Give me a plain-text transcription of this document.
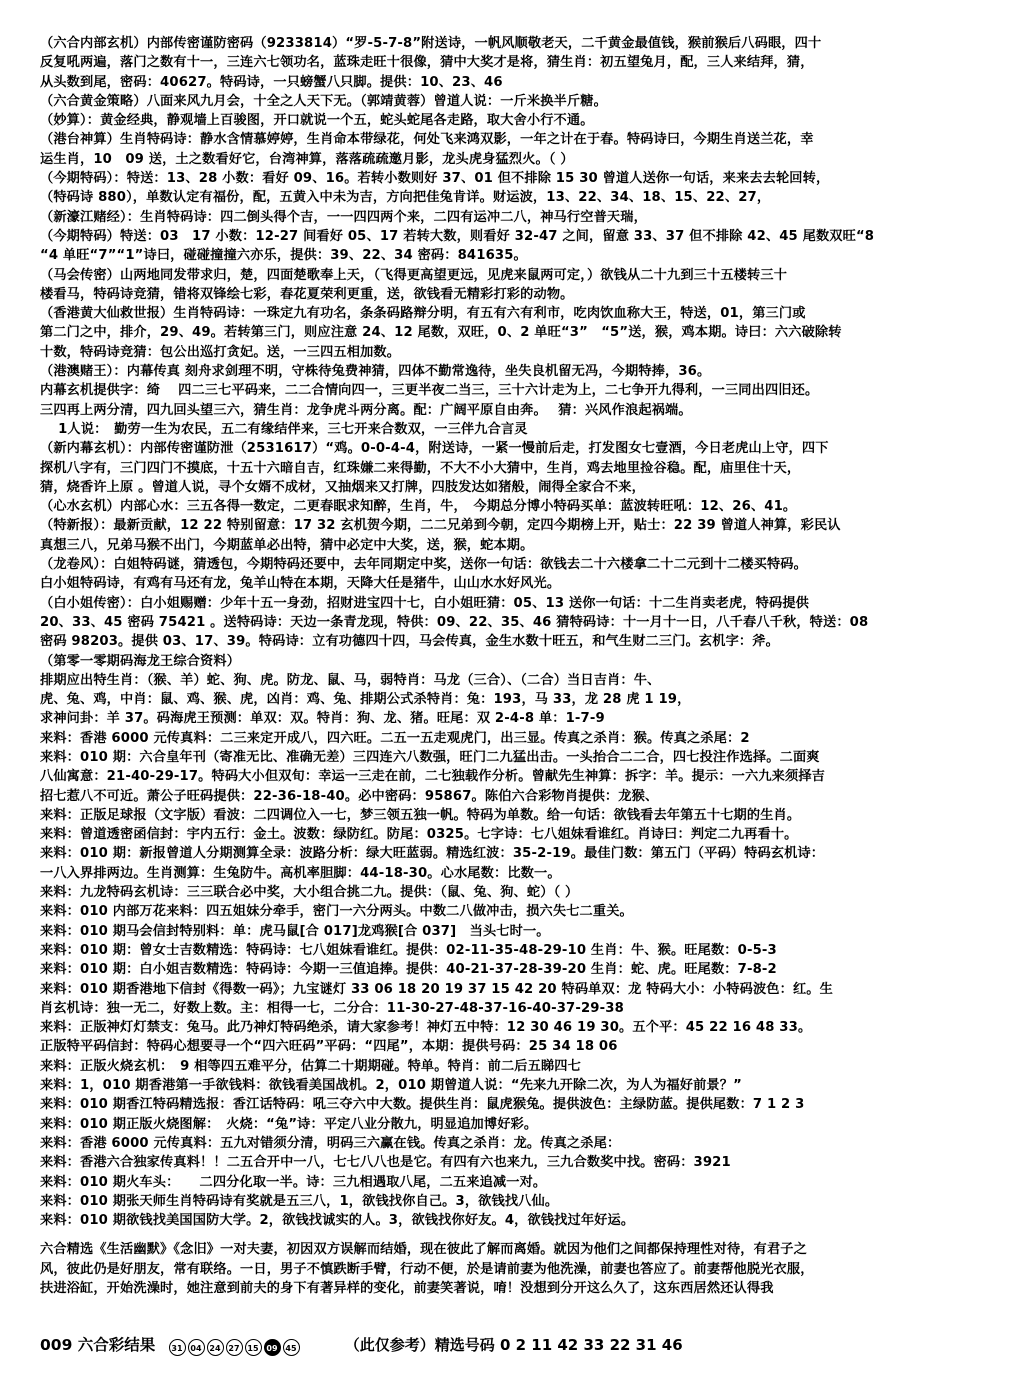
（六合内部玄机）内部传密谨防密码（9233814）“罗-5-7-8”附送诗，一帆风顺敬老天，二千黄金最值钱，猴前猴后八码眼，四十
反复吼两遍，落门之数有十一，三连六七领功名，蓝珠走旺十很像，猜中大奖才是将，猜生肖：初五望兔月，配，三人来结拜，猜，
从头数到尾，密码：40627。特码诗，一只螃蟹八只脚。提供：10、23、46
（六合黄金策略）八面来风九月会，十全之人天下无。（郭靖黄蓉）曾道人说：一斤米换半斤糖。
（妙算）：黄金经典，静观墙上百骏图，开口就说一个五，蛇头蛇尾各走路，取大舍小行不通。
（港台神算）生肖特码诗：静水含情慕婷婷，生肖命本带绿花，何处飞来鸿双影，一年之计在于春。特码诗曰，今期生肖送兰花，幸
运生肖，10　09 送，土之数看好它，台湾神算，落落疏疏邀月影，龙头虎身猛烈火。（ ）
（今期特码）：特送：13、28 小数：看好 09、16。若转小数则好 37、01 但不排除 15 30 曾道人送你一句话，来来去去轮回转，
（特码诗 880），单数认定有福份，配，五黄入中未为吉，方向把佳兔肯详。财运波，13、22、34、18、15、22、27，
（新濠江赌经）：生肖特码诗：四二倒头得个吉，一一四四两个来，二四有运冲二八，神马行空普天瑞，
（今期特码）特送：03　17 小数：12-27 间看好 05、17 若转大数，则看好 32-47 之间，留意 33、37 但不排除 42、45 尾数双旺“8
“4 单旺“7”“1”诗曰，碰碰撞撞六亦乐，提供：39、22、34 密码：841635。
（马会传密）山两地同发带求归，楚，四面楚歌奉上天，（飞得更高望更远，见虎来鼠两可定，）欲钱从二十九到三十五楼转三十
楼看马，特码诗竞猜，错将双锋绘七彩，春花夏荣利更重，送，欲钱看无精彩打彩的动物。
（香港黄大仙救世报）生肖特码诗：一珠定九有功名，条条码路辩分明，有五有六有利市，吃肉饮血称大王，特送，01，第三门或
第二门之中，排介，29、49。若转第三门，则应注意 24、12 尾数，双旺，0、2 单旺“3”　“5”送，猴，鸡本期。诗曰：六六破除转
十数，特码诗竞猜：包公出巡打贪妃。送，一三四五相加数。
（港澳赌王）：内幕传真 刻舟求剑理不明，守株待兔费神猜，四体不勤常逸待，坐失良机留无冯，今期特捧，36。
内幕玄机提供字：绮　 四二三七平码来，二二合情向四一，三更半夜二当三，三十六计走为上，二七争开九得利，一三同出四旧还。
三四再上两分清，四九回头望三六，猜生肖：龙争虎斗两分离。配：广阔平原自由奔。　 猜：兴风作浪起祸端。
　 1人说：　勤劳一生为农民，五二有缘结伴来，三七开来合数双，一三伴九合言灵
（新内幕玄机）：内部传密谨防泄（2531617）“鸡。0-0-4-4，附送诗，一紧一慢前后走，打发图女七壹酒，今日老虎山上守，四下
探机八字有，三门四门不摸底，十五十六暗自吉，红珠嫌二来得勤，不大不小大猜中，生肖，鸡去地里捡谷稳。配，庙里住十天，
猜，烧香许上原 。曾道人说，寻个女婿不成材，又抽烟来又打牌，四肢发达如猪般，闹得全家合不来，
（心水玄机）内部心水：三五各得一数定，二更春眠求知醉，生肖，牛，　今期总分博小特码买单：蓝波转旺吼：12、26、41。
（特新报）：最新贡献，12 22 特别留意：17 32 玄机贺今期，二二兄弟到今朝，定四今期榜上开，贴士：22 39 曾道人神算，彩民认
真想三八，兄弟马猴不出门，今期蓝单必出特，猜中必定中大奖，送，猴，蛇本期。
（龙卷风）：白姐特码谜，猜透包，今期特码还要中，去年同期定中奖，送你一句话：欲钱去二十六楼拿二十二元到十二楼买特码。
白小姐特码诗，有鸡有马还有龙，兔羊山特在本期，天降大任是猪牛，山山水水好风光。
（白小姐传密）：白小姐赐赠：少年十五一身劲，招财进宝四十七，白小姐旺猜：05、13 送你一句话：十二生肖卖老虎，特码提供
20、33、45 密码 75421 。送特码诗：天边一条青龙现，特供：09、22、35、46 猜特码诗：十一月十一日，八千春八千秋，特送：08
密码 98203。提供 03、17、39。特码诗：立有功德四十四，马会传真，金生水数十旺五，和气生财二三门。玄机字：斧。
（第零一零期码海龙王综合资料）
排期应出特生肖：（猴、羊）蛇、狗、虎。防龙、鼠、马，弱特肖：马龙（三合）、（二合）当日吉肖：牛、
虎、兔、鸡，中肖：鼠、鸡、猴、虎，凶肖：鸡、兔、排期公式杀特肖：兔：193，马 33，龙 28 虎 1 19，
求神问卦：羊 37。码海虎王预测：单双：双。特肖：狗、龙、猪。旺尾：双 2-4-8 单：1-7-9
来料：香港 6000 元传真料：二三来定开成八，四六旺。二五一五走观虎门，出三显。传真之杀肖：猴。传真之杀尾：2
来料：010 期：六合皇年刊（寄准无比、准确无差）三四连六八数强，旺门二九猛出击。一头抬合二二合，四七投注作选择。二面爽
八仙寓意：21-40-29-17。特码大小但双旬：幸运一三走在前，二七独载作分析。曾献先生神算：拆字：羊。提示：一六九来须择吉
招七惹八不可近。萧公子旺码提供：22-36-18-40。必中密码：95867。陈伯六合彩物肖提供：龙猴、
来料：正版足球报（文字版）看波：二四调位入一七，梦三领五独一帆。特码为单数。给一句话：欲钱看去年第五十七期的生肖。
来料：曾道透密函信封：宇内五行：金土。波数：绿防红。防尾：0325。七字诗：七八姐妹看谁红。肖诗曰：判定二九再看十。
来料：010 期：新报曾道人分期测算全录：波路分析：绿大旺蓝弱。精选红波：35-2-19。最佳门数：第五门（平码）特码玄机诗：
一八入界排两边。生肖测算：生兔防牛。高机率胆脚：44-18-30。心水尾数：比数一。
来料：九龙特码玄机诗：三三联合必中奖，大小组合挑二九。提供：（鼠、兔、狗、蛇）（ ）
来料：010 内部万花来料：四五姐妹分牵手，密门一六分两头。中数二八做冲击，损六失七二重关。
来料：010 期马会信封特别料：单：虎马鼠[合 017]龙鸡猴[合 037]　当头七时一。
来料：010 期：曾女士吉数精选：特码诗：七八姐妹看谁红。提供：02-11-35-48-29-10 生肖：牛、猴。旺尾数：0-5-3
来料：010 期：白小姐吉数精选：特码诗：今期一三值追捧。提供：40-21-37-28-39-20 生肖：蛇、虎。旺尾数：7-8-2
来料：010 期香港地下信封《得数一码》；九宝谜灯 33 06 18 20 19 37 15 42 20 特码单双：龙 特码大小：小特码波色：红。生
肖玄机诗：独一无二，好数上数。主：相得一七，二分合：11-30-27-48-37-16-40-37-29-38
来料：正版神灯灯禁支：兔马。此乃神灯特码绝杀，请大家参考！神灯五中特：12 30 46 19 30。五个平：45 22 16 48 33。
正版特平码信封：特码心想要寻一个“四六旺码”平码：“四尾”，本期：提供号码：25 34 18 06
来料：正版火烧玄机：　9 相等四五难平分，估算二十期期碰。特单。特肖：前二后五睇四七
来料：1，010 期香港第一手欲钱料：欲钱看美国战机。2，010 期曾道人说：“先来九开除二次，为人为福好前景？”
来料：010 期香江特码精选报：香江话特码：吼三夺六中大数。提供生肖：鼠虎猴兔。提供波色：主绿防蓝。提供尾数：7 1 2 3
来料：010 期正版火烧图解：　火烧：“兔”诗：平定八业分散九，明显追加博好彩。
来料：香港 6000 元传真料：五九对错须分清，明码三六赢在钱。传真之杀肖：龙。传真之杀尾：
来料：香港六合独家传真料！！二五合开中一八，七七八八也是它。有四有六也来九，三九合数奖中找。密码：3921
来料：010 期火车头：　　二四分化取一半。诗：三九相遇取八尾，二五来追减一对。
来料：010 期张天师生肖特码诗有奖就是五三八，1，欲钱找你自己。3，欲钱找八仙。
来料：010 期欲钱找美国国防大学。2，欲钱找诚实的人。3，欲钱找你好友。4，欲钱找过年好运。
六合精选《生活幽默》《念旧》一对夫妻，初因双方误解而结婚，现在彼此了解而离婚。就因为他们之间都保持理性对待，有君子之
风，彼此仍是好朋友，常有联络。一日，男子不慎跌断手臂，行动不便，於是请前妻为他洗澡，前妻也答应了。前妻帮他脱光衣服，
扶进浴缸，开始洗澡时，她注意到前夫的身下有著异样的变化，前妻笑著说，唷！没想到分开这么久了，这东西居然还认得我
009 六合彩结果 31 04 24 27 15 09 45	（此仅参考）精选号码 0 2 11 42 33 22 31 46
